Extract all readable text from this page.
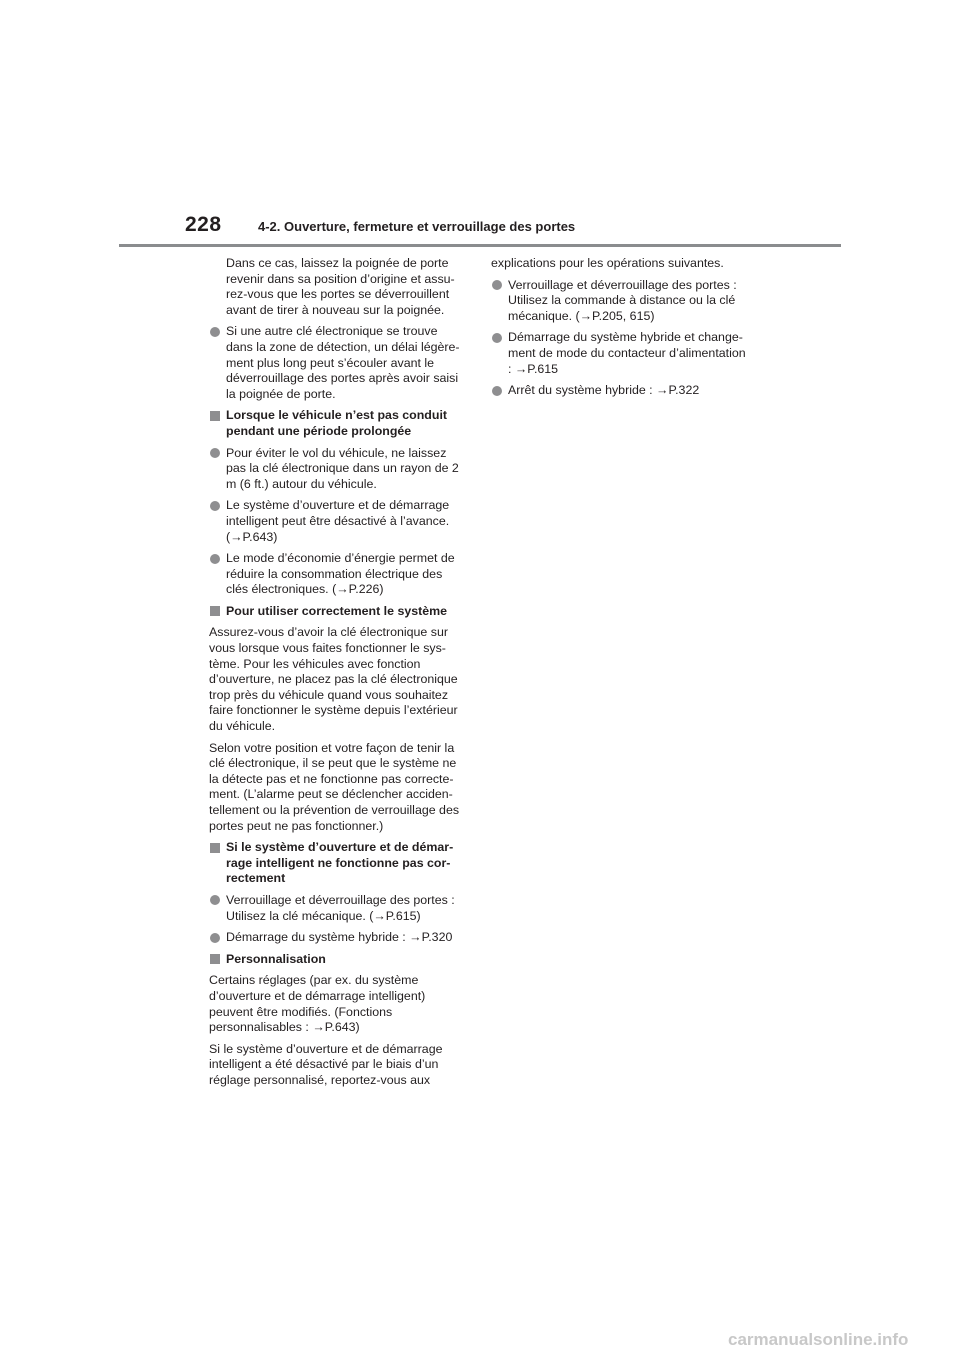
228	4-2. Ouverture, fermeture et verrouillage des portes
Dans ce cas, laissez la poignée de porte revenir dans sa position d’origine et assu-rez-vous que les portes se déverrouillent avant de tirer à nouveau sur la poignée.
Si une autre clé électronique se trouve dans la zone de détection, un délai légère-ment plus long peut s’écouler avant le déverrouillage des portes après avoir saisi la poignée de porte.
Lorsque le véhicule n’est pas conduit pendant une période prolongée
Pour éviter le vol du véhicule, ne laissez pas la clé électronique dans un rayon de 2 m (6 ft.) autour du véhicule.
Le système d’ouverture et de démarrage intelligent peut être désactivé à l’avance. (→P.643)
Le mode d’économie d’énergie permet de réduire la consommation électrique des clés électroniques. (→P.226)
Pour utiliser correctement le système
Assurez-vous d’avoir la clé électronique sur vous lorsque vous faites fonctionner le sys-tème. Pour les véhicules avec fonction d’ouverture, ne placez pas la clé électronique trop près du véhicule quand vous souhaitez faire fonctionner le système depuis l’extérieur du véhicule.
Selon votre position et votre façon de tenir la clé électronique, il se peut que le système ne la détecte pas et ne fonctionne pas correcte-ment. (L’alarme peut se déclencher acciden-tellement ou la prévention de verrouillage des portes peut ne pas fonctionner.)
Si le système d’ouverture et de démar-rage intelligent ne fonctionne pas cor-rectement
Verrouillage et déverrouillage des portes : Utilisez la clé mécanique. (→P.615)
Démarrage du système hybride : →P.320
Personnalisation
Certains réglages (par ex. du système d’ouverture et de démarrage intelligent) peuvent être modifiés. (Fonctions personnalisables : →P.643)
Si le système d’ouverture et de démarrage intelligent a été désactivé par le biais d’un réglage personnalisé, reportez-vous aux
explications pour les opérations suivantes.
Verrouillage et déverrouillage des portes : Utilisez la commande à distance ou la clé mécanique. (→P.205, 615)
Démarrage du système hybride et change-ment de mode du contacteur d’alimentation : →P.615
Arrêt du système hybride : →P.322
carmanualsonline.info
